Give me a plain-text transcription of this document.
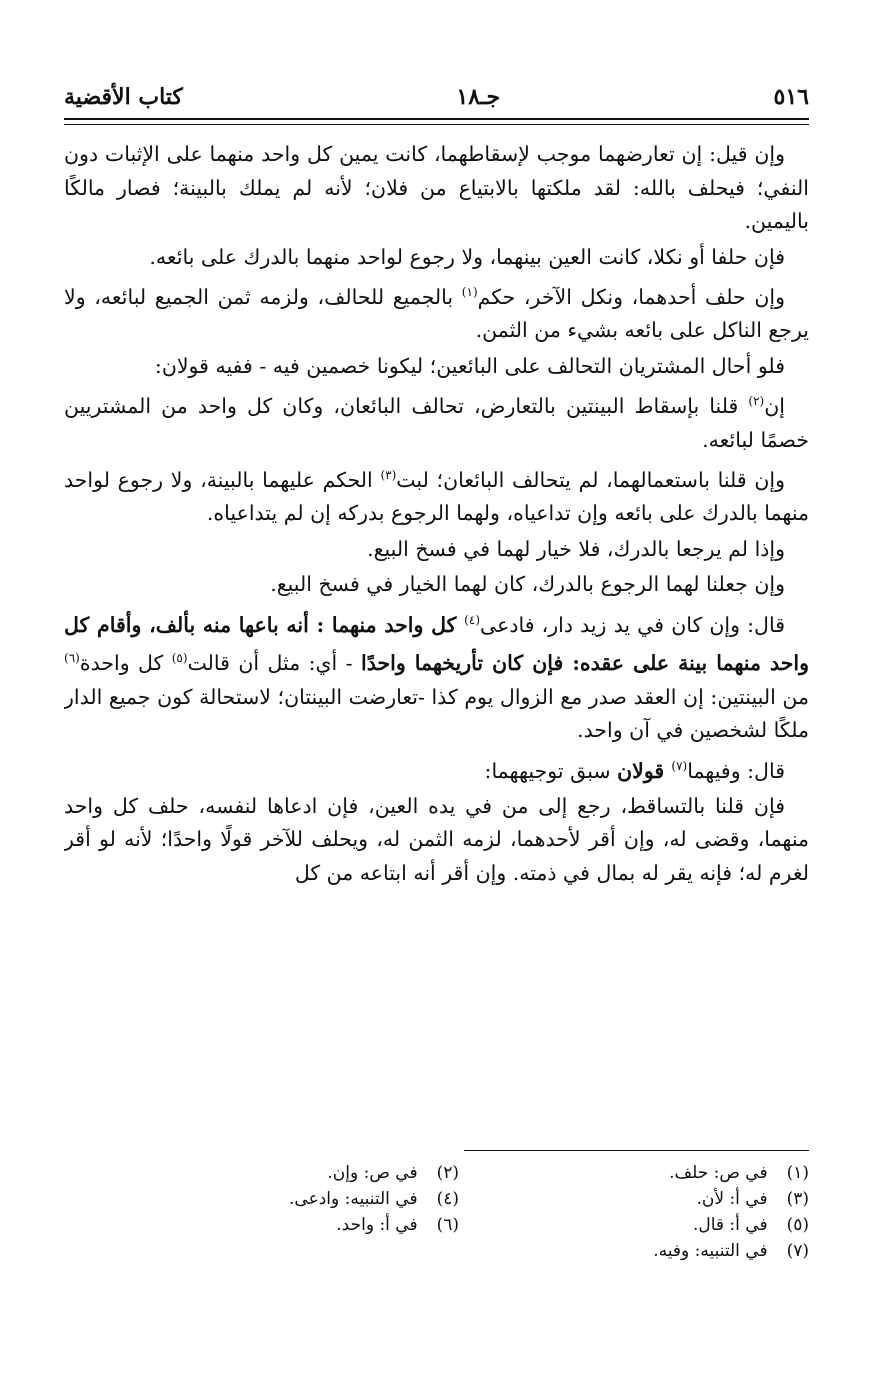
٥١٦
جـ١٨
كتاب الأقضية

وإن قيل: إن تعارضهما موجب لإسقاطهما، كانت يمين كل واحد منهما على الإثبات دون النفي؛ فيحلف بالله: لقد ملكتها بالابتياع من فلان؛ لأنه لم يملك بالبينة؛ فصار مالكًا باليمين.

فإن حلفا أو نكلا، كانت العين بينهما، ولا رجوع لواحد منهما بالدرك على بائعه.

وإن حلف أحدهما، ونكل الآخر، حكم$^{(١)}$ بالجميع للحالف، ولزمه ثمن الجميع لبائعه، ولا يرجع الناكل على بائعه بشيء من الثمن.

فلو أحال المشتريان التحالف على البائعين؛ ليكونا خصمين فيه - ففيه قولان:

إن$^{(٢)}$ قلنا بإسقاط البينتين بالتعارض، تحالف البائعان، وكان كل واحد من المشتريين خصمًا لبائعه.

وإن قلنا باستعمالهما، لم يتحالف البائعان؛ لبت$^{(٣)}$ الحكم عليهما بالبينة، ولا رجوع لواحد منهما بالدرك على بائعه وإن تداعياه، ولهما الرجوع بدركه إن لم يتداعياه.

وإذا لم يرجعا بالدرك، فلا خيار لهما في فسخ البيع.

وإن جعلنا لهما الرجوع بالدرك، كان لهما الخيار في فسخ البيع.

قال: وإن كان في يد زيد دار، فادعى$^{(٤)}$ كل واحد منهما : أنه باعها منه بألف، وأقام كل واحد منهما بينة على عقده: فإن كان تأريخهما واحدًا - أي: مثل أن قالت$^{(٥)}$ كل واحدة$^{(٦)}$ من البينتين: إن العقد صدر مع الزوال يوم كذا -تعارضت البينتان؛ لاستحالة كون جميع الدار ملكًا لشخصين في آن واحد.

قال: وفيهما$^{(٧)}$ قولان سبق توجيههما:

فإن قلنا بالتساقط، رجع إلى من في يده العين، فإن ادعاها لنفسه، حلف كل واحد منهما، وقضى له، وإن أقر لأحدهما، لزمه الثمن له، ويحلف للآخر قولًا واحدًا؛ لأنه لو أقر لغرم له؛ فإنه يقر له بمال في ذمته. وإن أقر أنه ابتاعه من كل

(١) في ص: حلف.
(٢) في ص: وإن.
(٣) في أ: لأن.
(٤) في التنبيه: وادعى.
(٥) في أ: قال.
(٦) في أ: واحد.
(٧) في التنبيه: وفيه.
